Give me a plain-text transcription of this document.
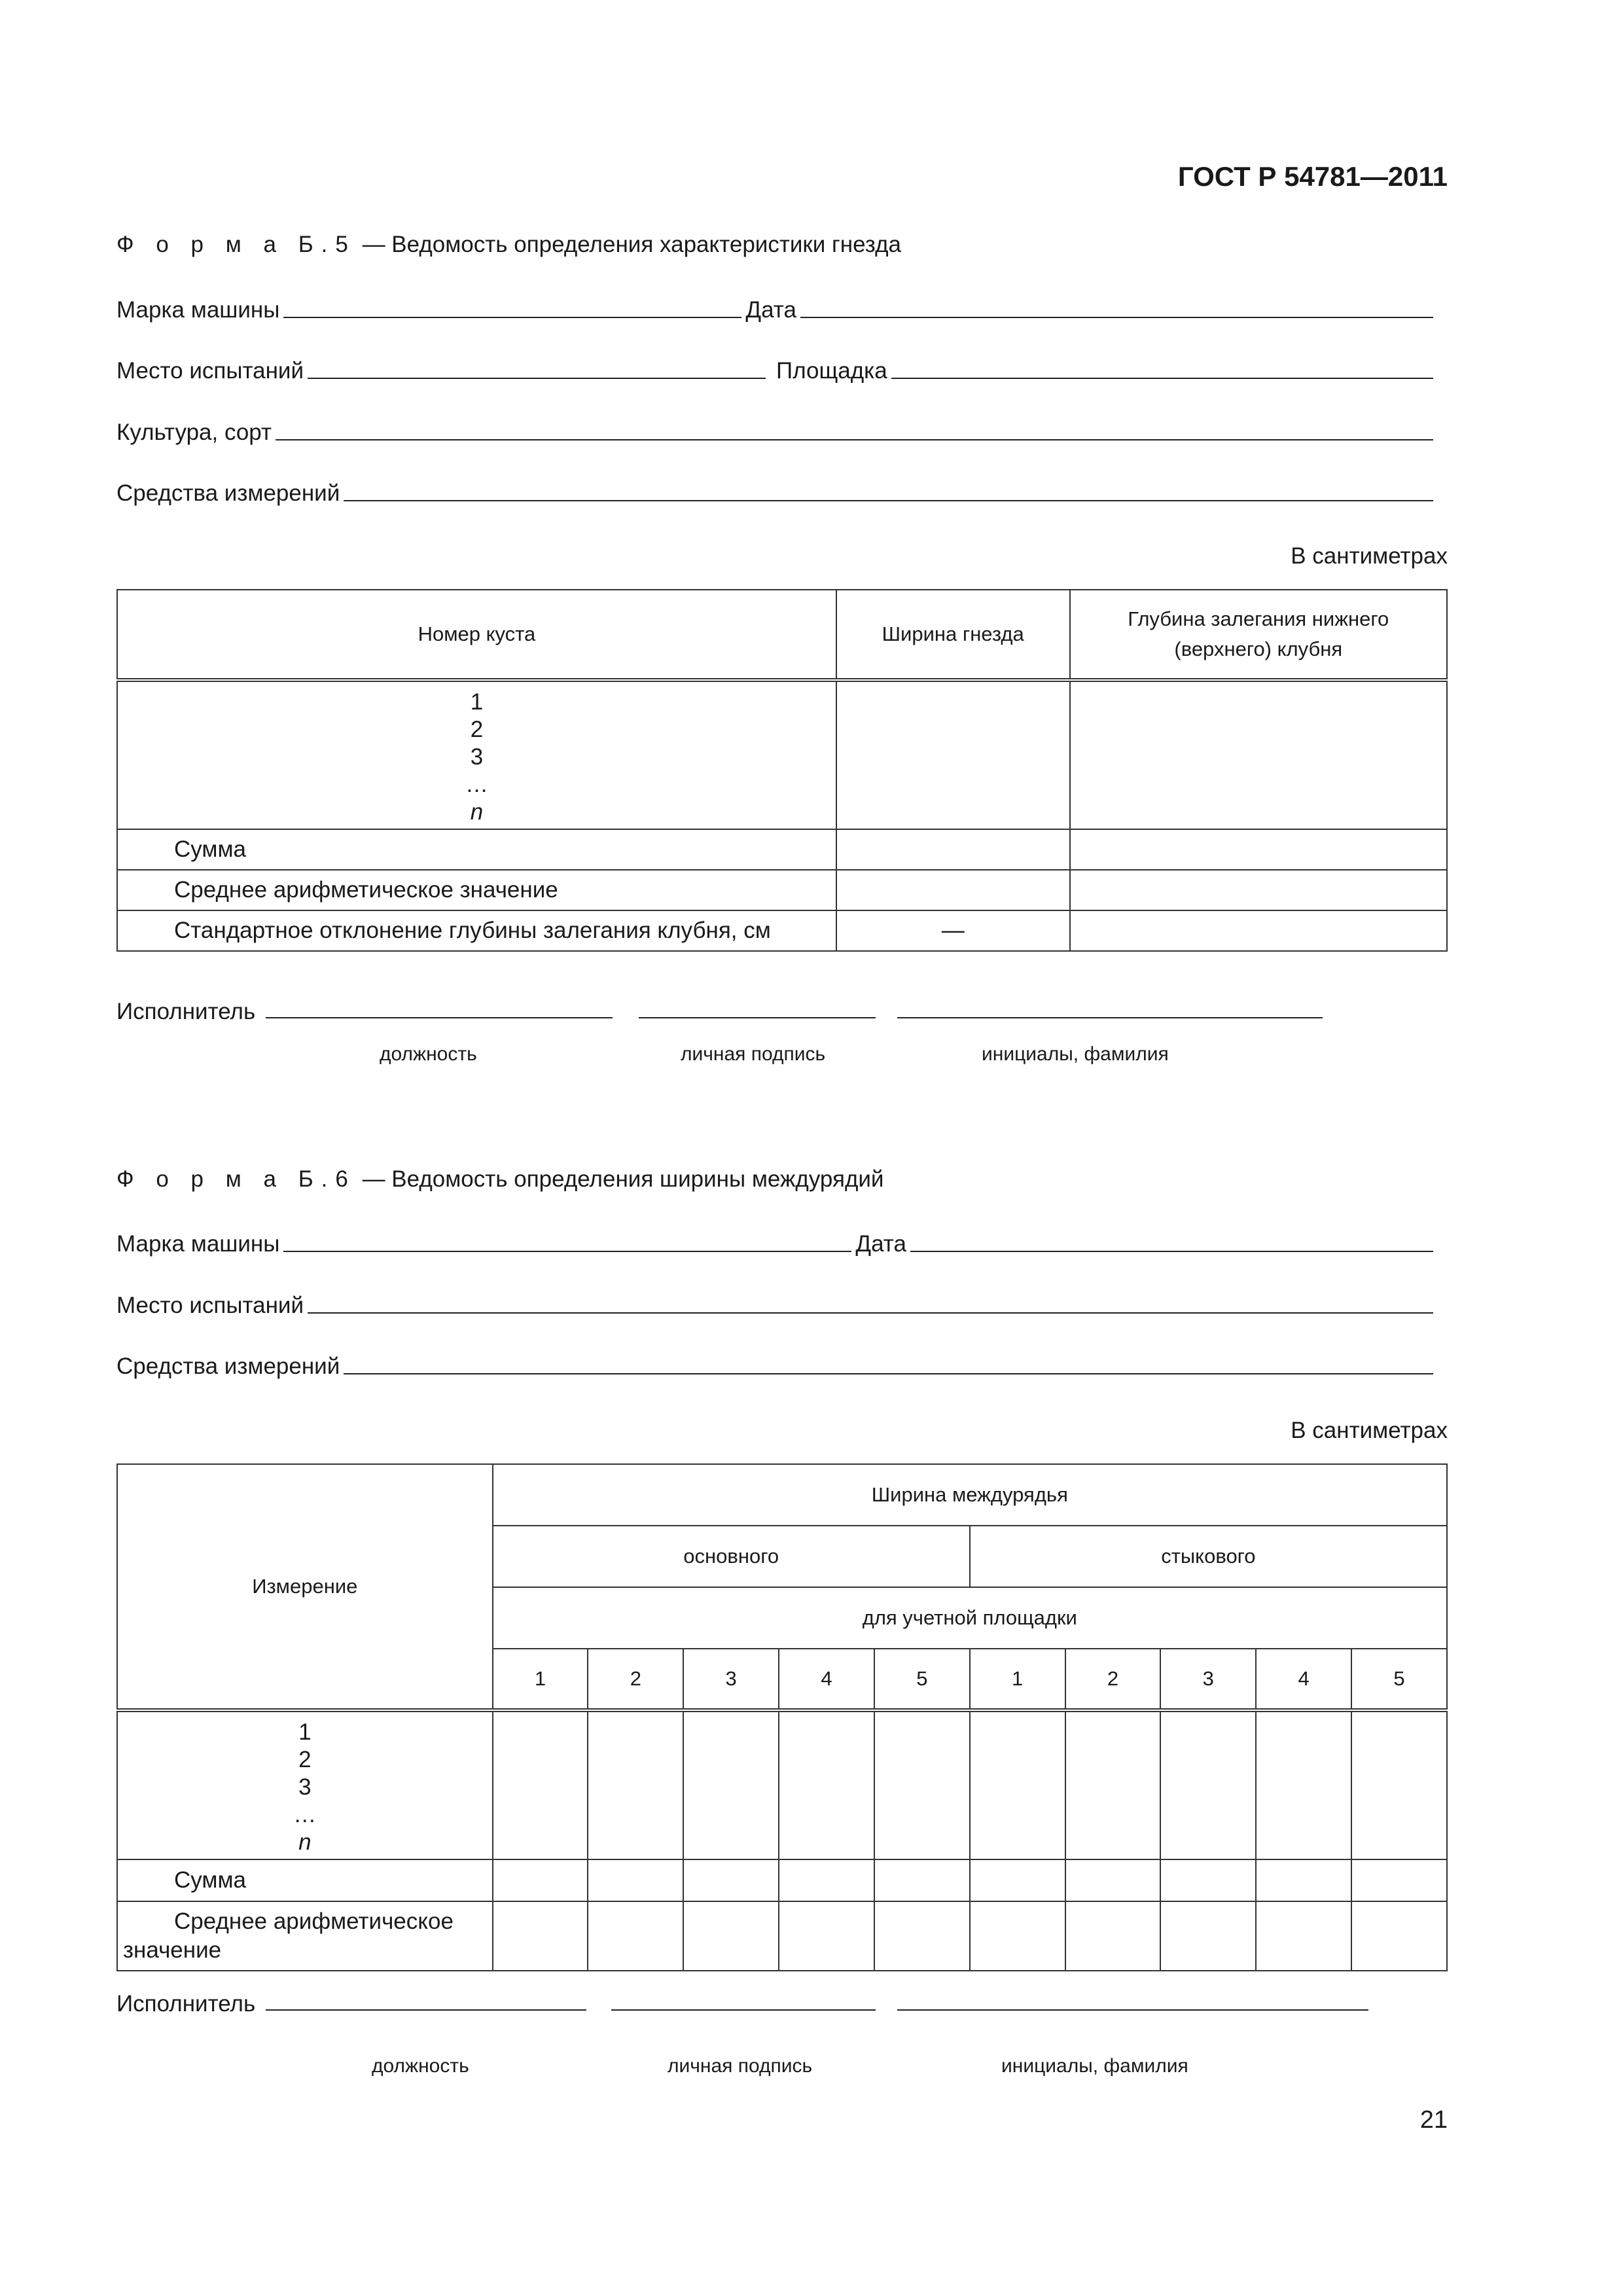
ГОСТ Р 54781—2011
Ф о р м а Б.5 — Ведомость определения характеристики гнезда
Марка машины	Дата
Место испытаний	Площадка
Культура, сорт
Средства измерений
В сантиметрах
Номер куста	Ширина гнезда	Глубина залегания нижнего (верхнего) клубня

1
2
3
…
n		

Сумма		
Среднее арифметическое значение		
Стандартное отклонение глубины залегания клубня, см	—	
Исполнитель
должность	личная подпись	инициалы, фамилия
Ф о р м а Б.6 — Ведомость определения ширины междурядий
Марка машины	Дата
Место испытаний
Средства измерений
В сантиметрах
Измерение	Ширина междурядья									
	основного					стыкового				
	для учетной площадки									
	1	2	3	4	5	1	2	3	4	5

1
2
3
…
n										

Сумма										
Среднее арифметическое значение										
Исполнитель
должность	личная подпись	инициалы, фамилия
21
